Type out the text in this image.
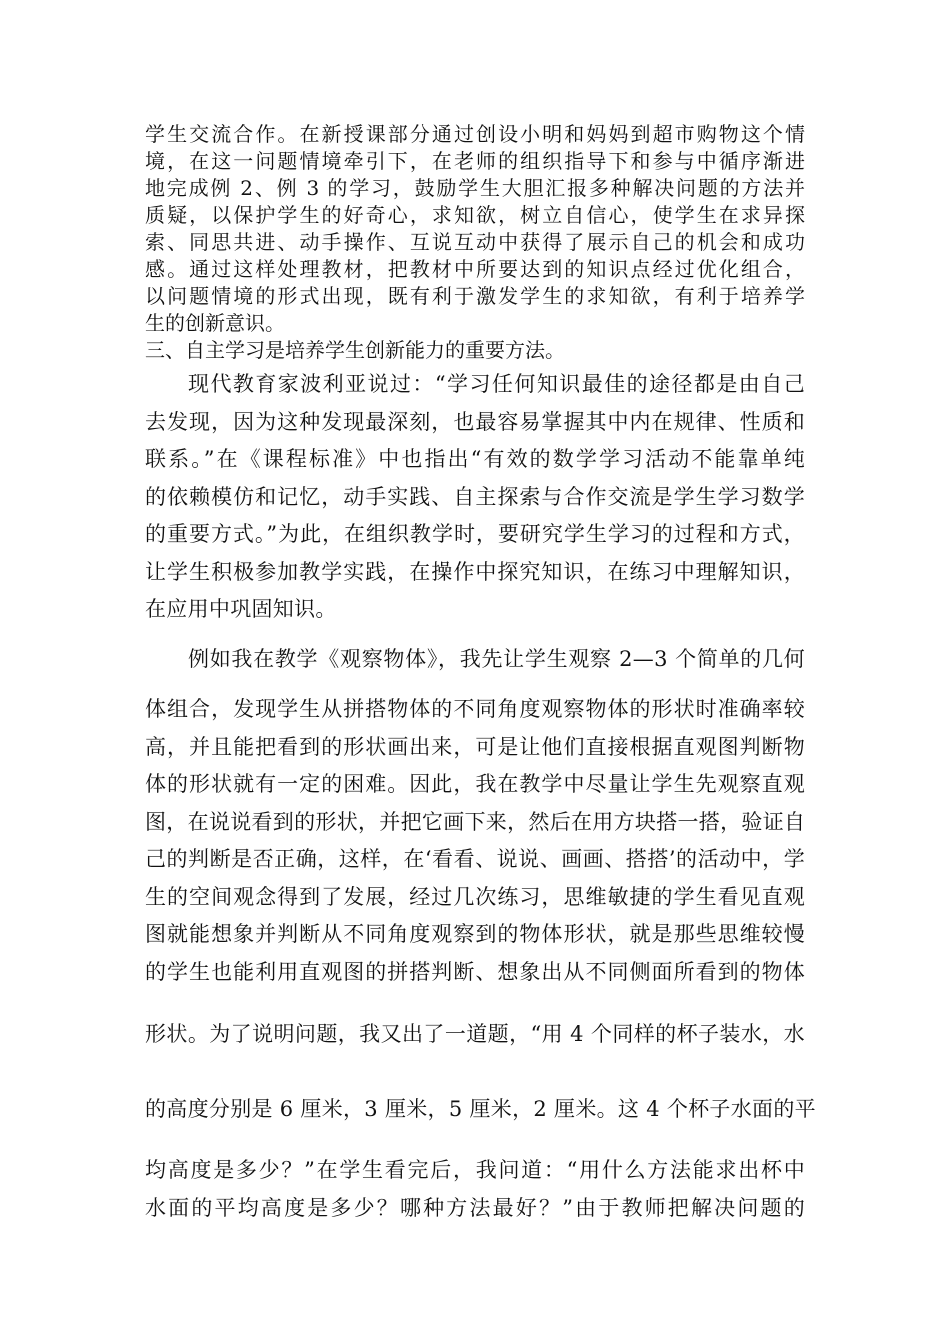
学生交流合作。在新授课部分通过创设小明和妈妈到超市购物这个情
境，在这一问题情境牵引下，在老师的组织指导下和参与中循序渐进
地完成例 2、例 3 的学习，鼓励学生大胆汇报多种解决问题的方法并
质疑，以保护学生的好奇心，求知欲，树立自信心，使学生在求异探
索、同思共进、动手操作、互说互动中获得了展示自己的机会和成功
感。通过这样处理教材，把教材中所要达到的知识点经过优化组合，
以问题情境的形式出现，既有利于激发学生的求知欲，有利于培养学
生的创新意识。
三、自主学习是培养学生创新能力的重要方法。
现代教育家波利亚说过：“学习任何知识最佳的途径都是由自己
去发现，因为这种发现最深刻，也最容易掌握其中内在规律、性质和
联系。”在《课程标准》中也指出“有效的数学学习活动不能靠单纯
的依赖模仿和记忆，动手实践、自主探索与合作交流是学生学习数学
的重要方式。”为此，在组织教学时，要研究学生学习的过程和方式，
让学生积极参加教学实践，在操作中探究知识，在练习中理解知识，
在应用中巩固知识。
例如我在教学《观察物体》，我先让学生观察 2—3 个简单的几何
体组合，发现学生从拼搭物体的不同角度观察物体的形状时准确率较
高，并且能把看到的形状画出来，可是让他们直接根据直观图判断物
体的形状就有一定的困难。因此，我在教学中尽量让学生先观察直观
图，在说说看到的形状，并把它画下来，然后在用方块搭一搭，验证自
己的判断是否正确，这样，在‘看看、说说、画画、搭搭’的活动中，学
生的空间观念得到了发展，经过几次练习，思维敏捷的学生看见直观
图就能想象并判断从不同角度观察到的物体形状，就是那些思维较慢
的学生也能利用直观图的拼搭判断、想象出从不同侧面所看到的物体
形状。为了说明问题，我又出了一道题，“用 4 个同样的杯子装水，水
的高度分别是 6 厘米，3 厘米，5 厘米，2 厘米。这 4 个杯子水面的平
均高度是多少？”在学生看完后，我问道：“用什么方法能求出杯中
水面的平均高度是多少？哪种方法最好？”由于教师把解决问题的
